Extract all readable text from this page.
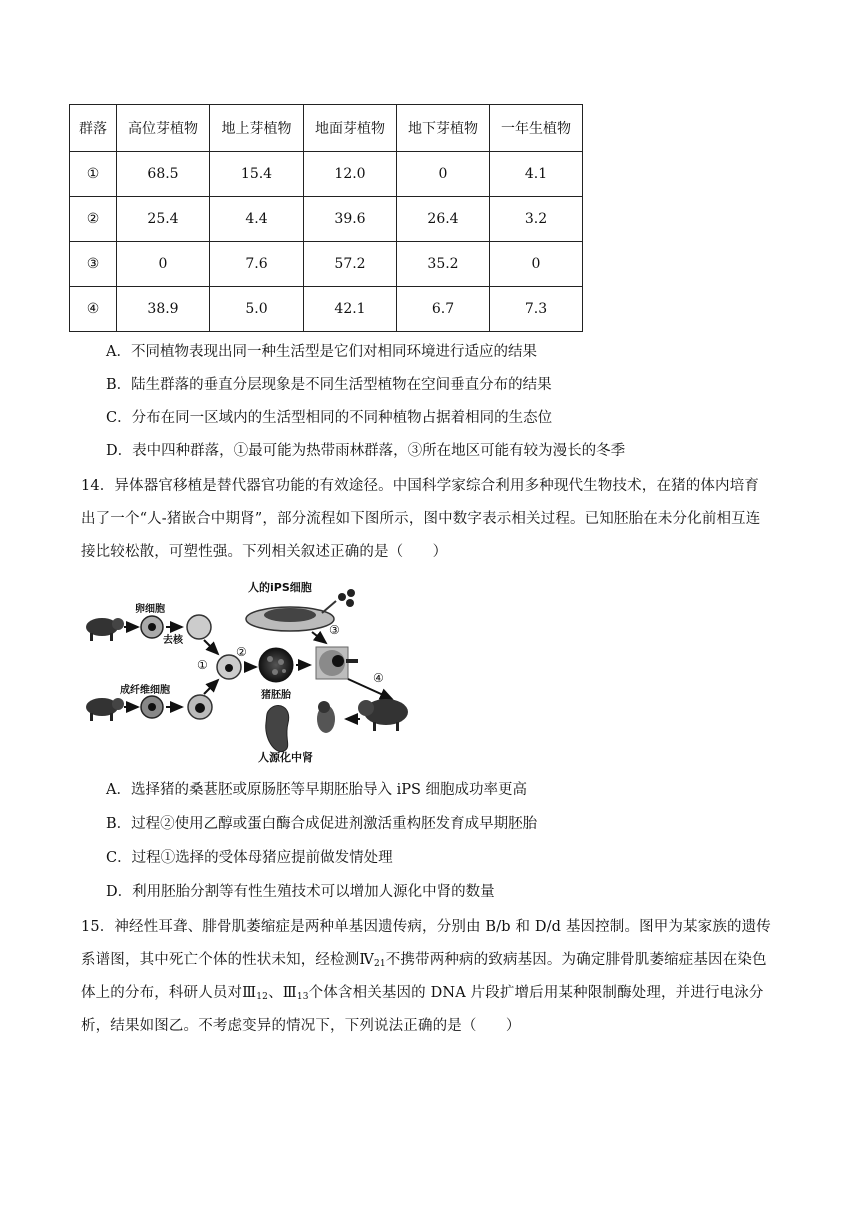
群落	高位芽植物	地上芽植物	地面芽植物	地下芽植物	一年生植物
①	68.5	15.4	12.0	0	4.1
②	25.4	4.4	39.6	26.4	3.2
③	0	7.6	57.2	35.2	0
④	38.9	5.0	42.1	6.7	7.3
A．不同植物表现出同一种生活型是它们对相同环境进行适应的结果
B．陆生群落的垂直分层现象是不同生活型植物在空间垂直分布的结果
C．分布在同一区域内的生活型相同的不同种植物占据着相同的生态位
D．表中四种群落，①最可能为热带雨林群落，③所在地区可能有较为漫长的冬季
14．异体器官移植是替代器官功能的有效途径。中国科学家综合利用多种现代生物技术，在猪的体内培育
出了一个“人-猪嵌合中期肾”，部分流程如下图所示，图中数字表示相关过程。已知胚胎在未分化前相互连
接比较松散，可塑性强。下列相关叙述正确的是（　　）
人的iPS细胞
卵细胞
去核
成纤维细胞	猪胚胎
人源化中肾
①
②
③
④
A．选择猪的桑葚胚或原肠胚等早期胚胎导入 iPS 细胞成功率更高
B．过程②使用乙醇或蛋白酶合成促进剂激活重构胚发育成早期胚胎
C．过程①选择的受体母猪应提前做发情处理
D．利用胚胎分割等有性生殖技术可以增加人源化中肾的数量
15．神经性耳聋、腓骨肌萎缩症是两种单基因遗传病，分别由 B/b 和 D/d 基因控制。图甲为某家族的遗传
系谱图，其中死亡个体的性状未知，经检测$Ⅳ_{21}$不携带两种病的致病基因。为确定腓骨肌萎缩症基因在染色
体上的分布，科研人员对$Ⅲ_{12}$、$Ⅲ_{13}$个体含相关基因的 DNA 片段扩增后用某种限制酶处理，并进行电泳分
析，结果如图乙。不考虑变异的情况下，下列说法正确的是（　　）
